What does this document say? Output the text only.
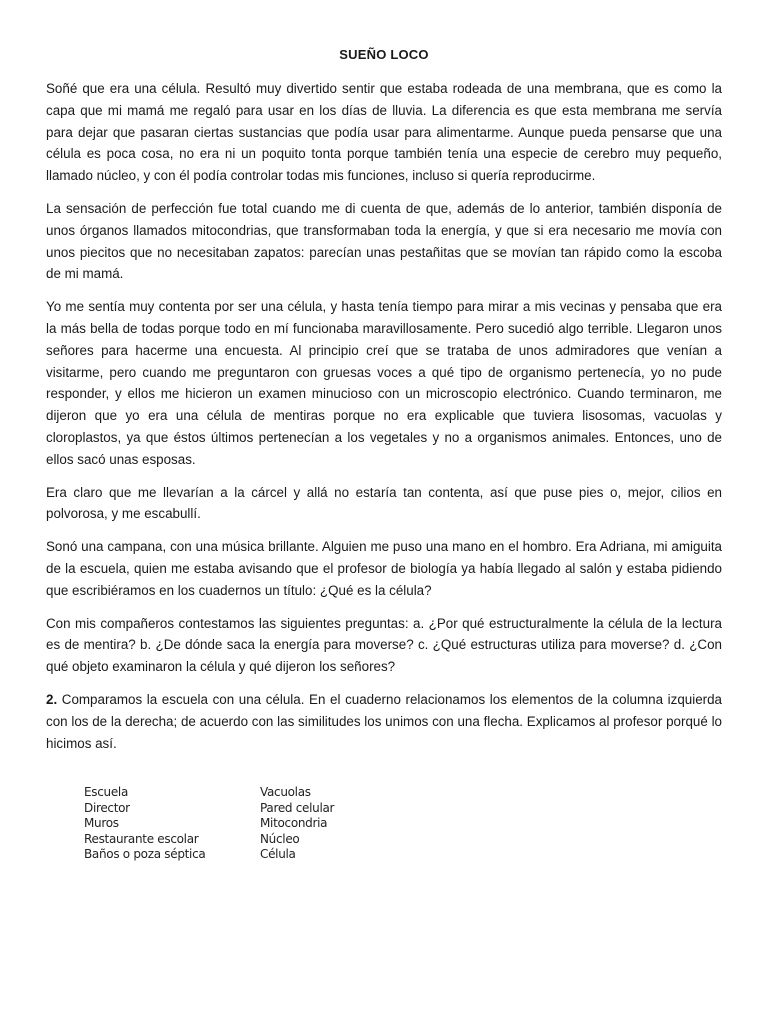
SUEÑO LOCO

Soñé que era una célula. Resultó muy divertido sentir que estaba rodeada de una membrana, que es como la capa que mi mamá me regaló para usar en los días de lluvia. La diferencia es que esta membrana me servía para dejar que pasaran ciertas sustancias que podía usar para alimentarme. Aunque pueda pensarse que una célula es poca cosa, no era ni un poquito tonta porque también tenía una especie de cerebro muy pequeño, llamado núcleo, y con él podía controlar todas mis funciones, incluso si quería reproducirme.

La sensación de perfección fue total cuando me di cuenta de que, además de lo anterior, también disponía de unos órganos llamados mitocondrias, que transformaban toda la energía, y que si era necesario me movía con unos piecitos que no necesitaban zapatos: parecían unas pestañitas que se movían tan rápido como la escoba de mi mamá.

Yo me sentía muy contenta por ser una célula, y hasta tenía tiempo para mirar a mis vecinas y pensaba que era la más bella de todas porque todo en mí funcionaba maravillosamente. Pero sucedió algo terrible. Llegaron unos señores para hacerme una encuesta. Al principio creí que se trataba de unos admiradores que venían a visitarme, pero cuando me preguntaron con gruesas voces a qué tipo de organismo pertenecía, yo no pude responder, y ellos me hicieron un examen minucioso con un microscopio electrónico. Cuando terminaron, me dijeron que yo era una célula de mentiras porque no era explicable que tuviera lisosomas, vacuolas y cloroplastos, ya que éstos últimos pertenecían a los vegetales y no a organismos animales. Entonces, uno de ellos sacó unas esposas.

Era claro que me llevarían a la cárcel y allá no estaría tan contenta, así que puse pies o, mejor, cilios en polvorosa, y me escabullí.

Sonó una campana, con una música brillante. Alguien me puso una mano en el hombro. Era Adriana, mi amiguita de la escuela, quien me estaba avisando que el profesor de biología ya había llegado al salón y estaba pidiendo que escribiéramos en los cuadernos un título: ¿Qué es la célula?

Con mis compañeros contestamos las siguientes preguntas: a. ¿Por qué estructuralmente la célula de la lectura es de mentira? b. ¿De dónde saca la energía para moverse? c. ¿Qué estructuras utiliza para moverse? d. ¿Con qué objeto examinaron la célula y qué dijeron los señores?

2. Comparamos la escuela con una célula. En el cuaderno relacionamos los elementos de la columna izquierda con los de la derecha; de acuerdo con las similitudes los unimos con una flecha. Explicamos al profesor porqué lo hicimos así.

Escuela
Director
Muros
Restaurante escolar
Baños o poza séptica
Vacuolas
Pared celular
Mitocondria
Núcleo
Célula
